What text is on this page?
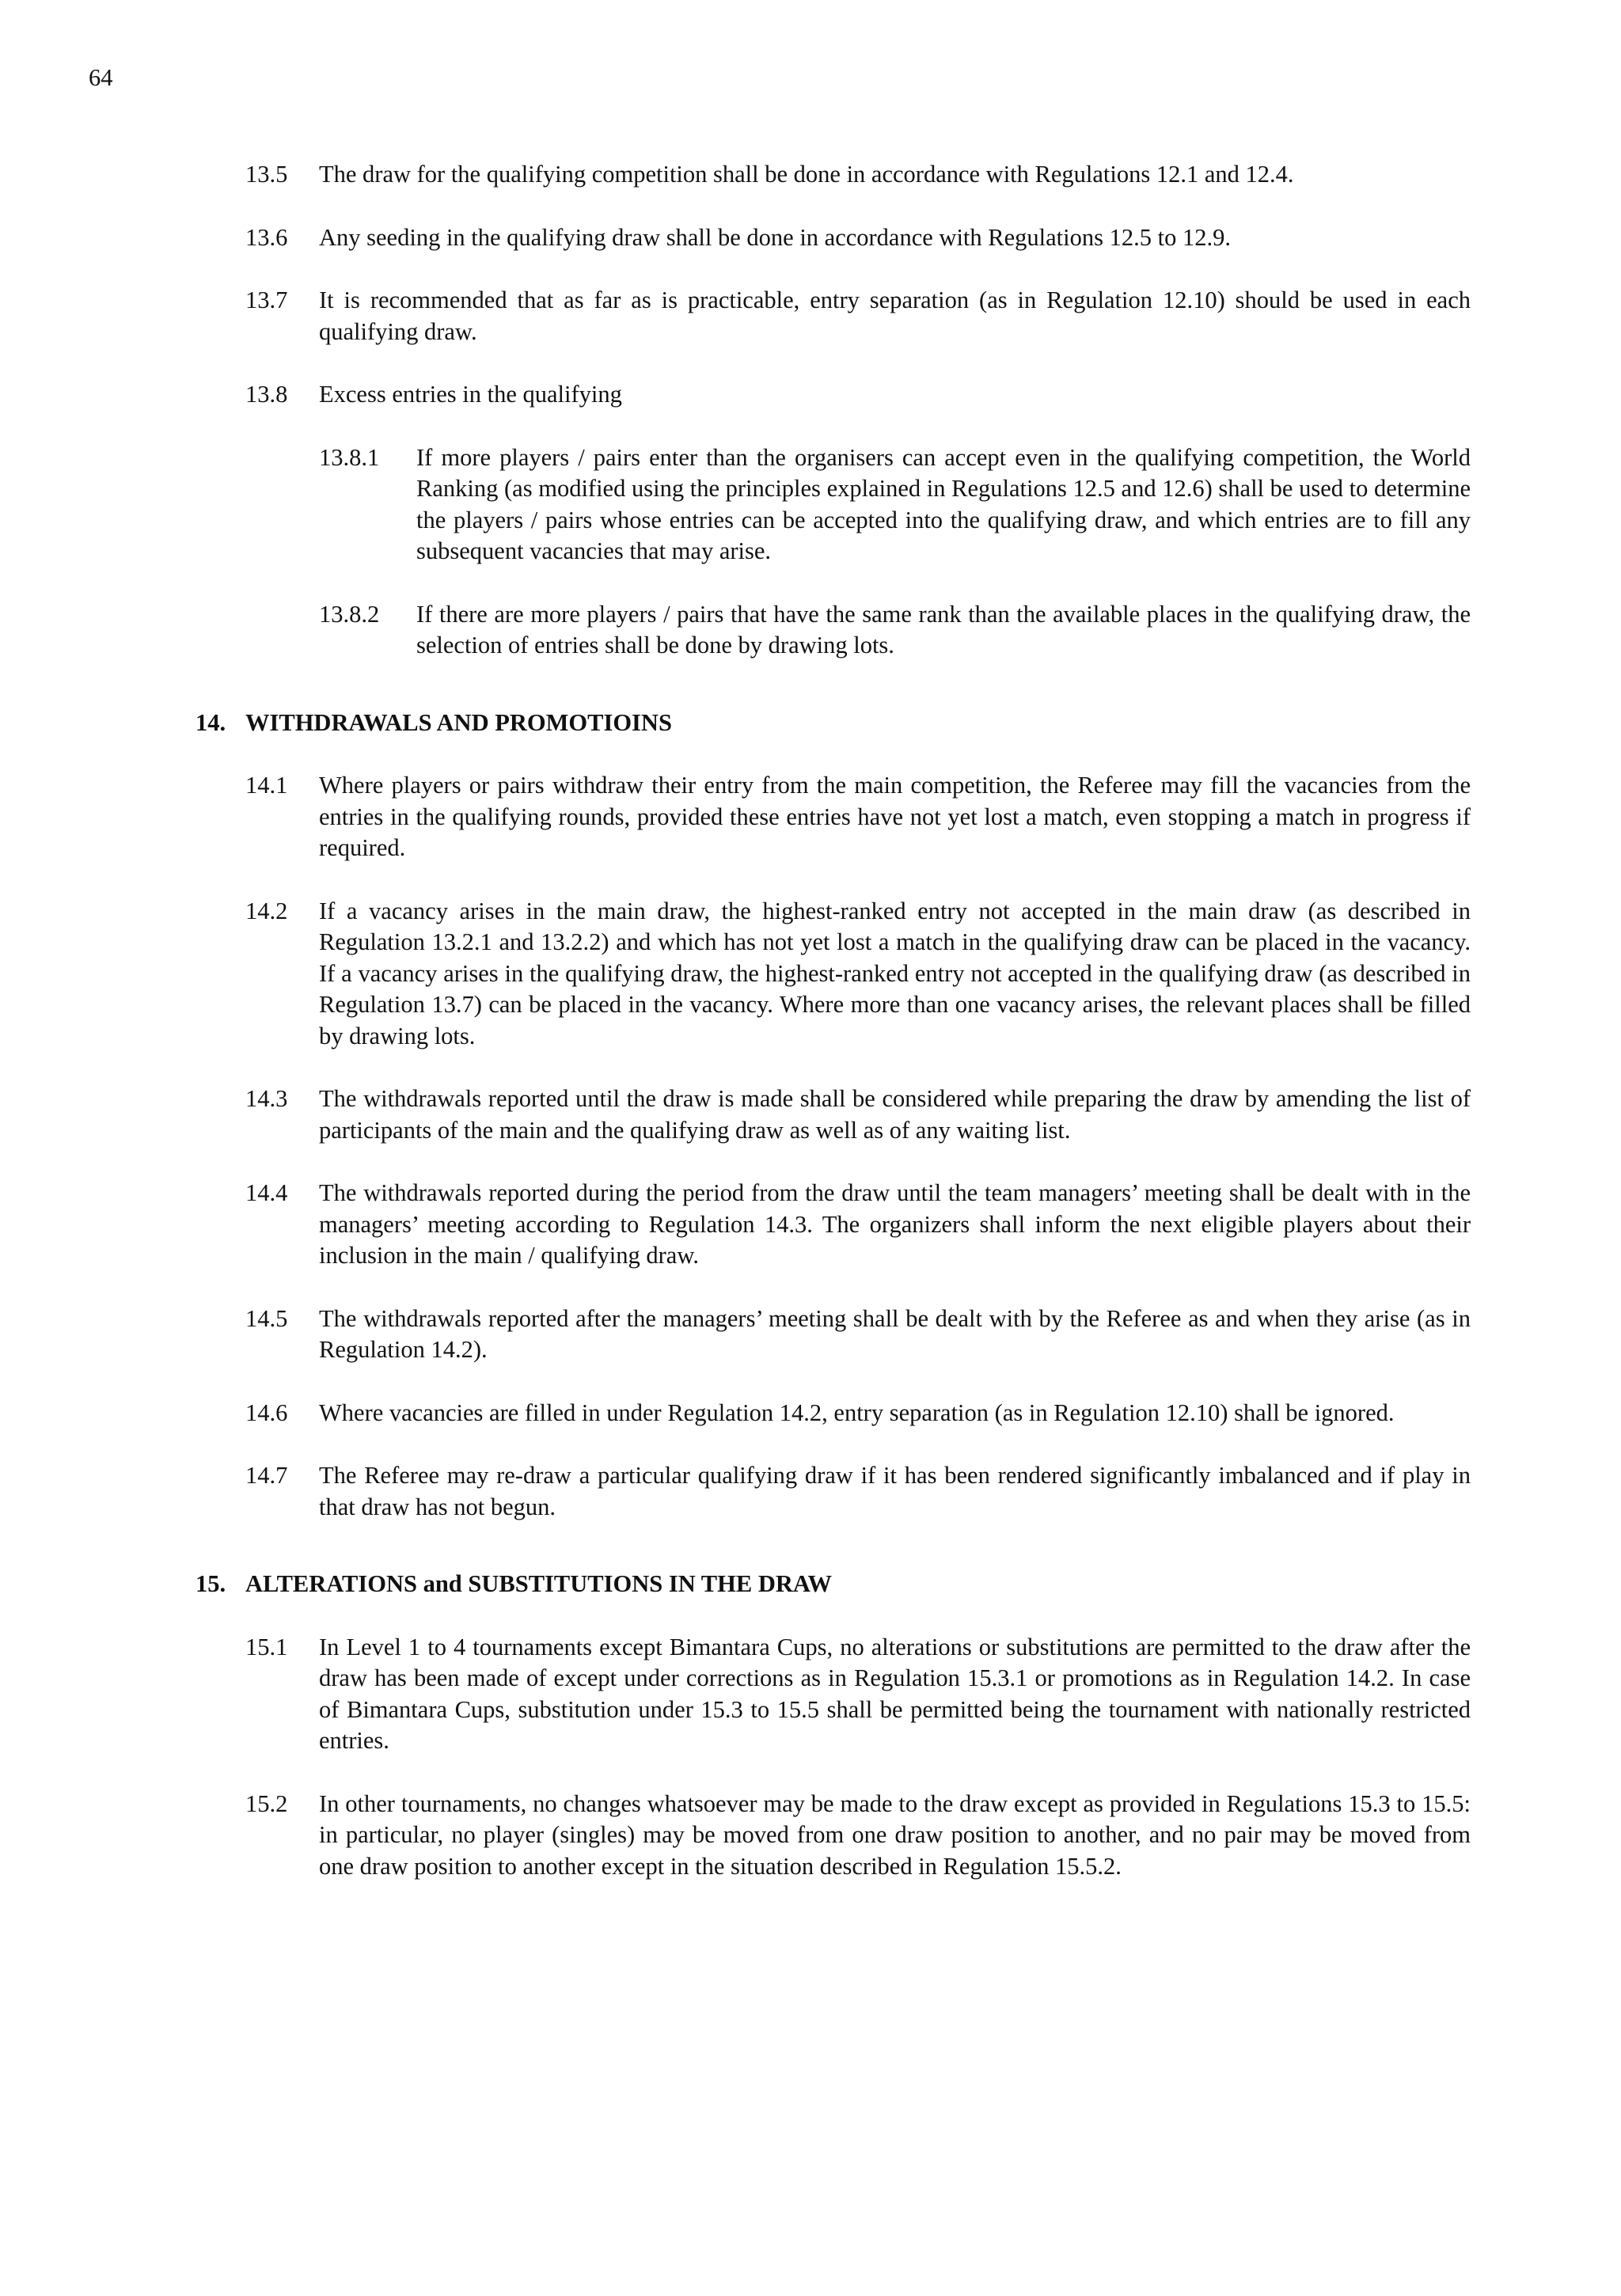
64
13.5 The draw for the qualifying competition shall be done in accordance with Regulations 12.1 and 12.4.
13.6 Any seeding in the qualifying draw shall be done in accordance with Regulations 12.5 to 12.9.
13.7 It is recommended that as far as is practicable, entry separation (as in Regulation 12.10) should be used in each qualifying draw.
13.8 Excess entries in the qualifying
13.8.1 If more players / pairs enter than the organisers can accept even in the qualifying competition, the World Ranking (as modified using the principles explained in Regulations 12.5 and 12.6) shall be used to determine the players / pairs whose entries can be accepted into the qualifying draw, and which entries are to fill any subsequent vacancies that may arise.
13.8.2 If there are more players / pairs that have the same rank than the available places in the qualifying draw, the selection of entries shall be done by drawing lots.
14. WITHDRAWALS AND PROMOTIOINS
14.1 Where players or pairs withdraw their entry from the main competition, the Referee may fill the vacancies from the entries in the qualifying rounds, provided these entries have not yet lost a match, even stopping a match in progress if required.
14.2 If a vacancy arises in the main draw, the highest-ranked entry not accepted in the main draw (as described in Regulation 13.2.1 and 13.2.2) and which has not yet lost a match in the qualifying draw can be placed in the vacancy. If a vacancy arises in the qualifying draw, the highest-ranked entry not accepted in the qualifying draw (as described in Regulation 13.7) can be placed in the vacancy. Where more than one vacancy arises, the relevant places shall be filled by drawing lots.
14.3 The withdrawals reported until the draw is made shall be considered while preparing the draw by amending the list of participants of the main and the qualifying draw as well as of any waiting list.
14.4 The withdrawals reported during the period from the draw until the team managers’ meeting shall be dealt with in the managers’ meeting according to Regulation 14.3. The organizers shall inform the next eligible players about their inclusion in the main / qualifying draw.
14.5 The withdrawals reported after the managers’ meeting shall be dealt with by the Referee as and when they arise (as in Regulation 14.2).
14.6 Where vacancies are filled in under Regulation 14.2, entry separation (as in Regulation 12.10) shall be ignored.
14.7 The Referee may re-draw a particular qualifying draw if it has been rendered significantly imbalanced and if play in that draw has not begun.
15. ALTERATIONS and SUBSTITUTIONS IN THE DRAW
15.1 In Level 1 to 4 tournaments except Bimantara Cups, no alterations or substitutions are permitted to the draw after the draw has been made of except under corrections as in Regulation 15.3.1 or promotions as in Regulation 14.2. In case of Bimantara Cups, substitution under 15.3 to 15.5 shall be permitted being the tournament with nationally restricted entries.
15.2 In other tournaments, no changes whatsoever may be made to the draw except as provided in Regulations 15.3 to 15.5: in particular, no player (singles) may be moved from one draw position to another, and no pair may be moved from one draw position to another except in the situation described in Regulation 15.5.2.
